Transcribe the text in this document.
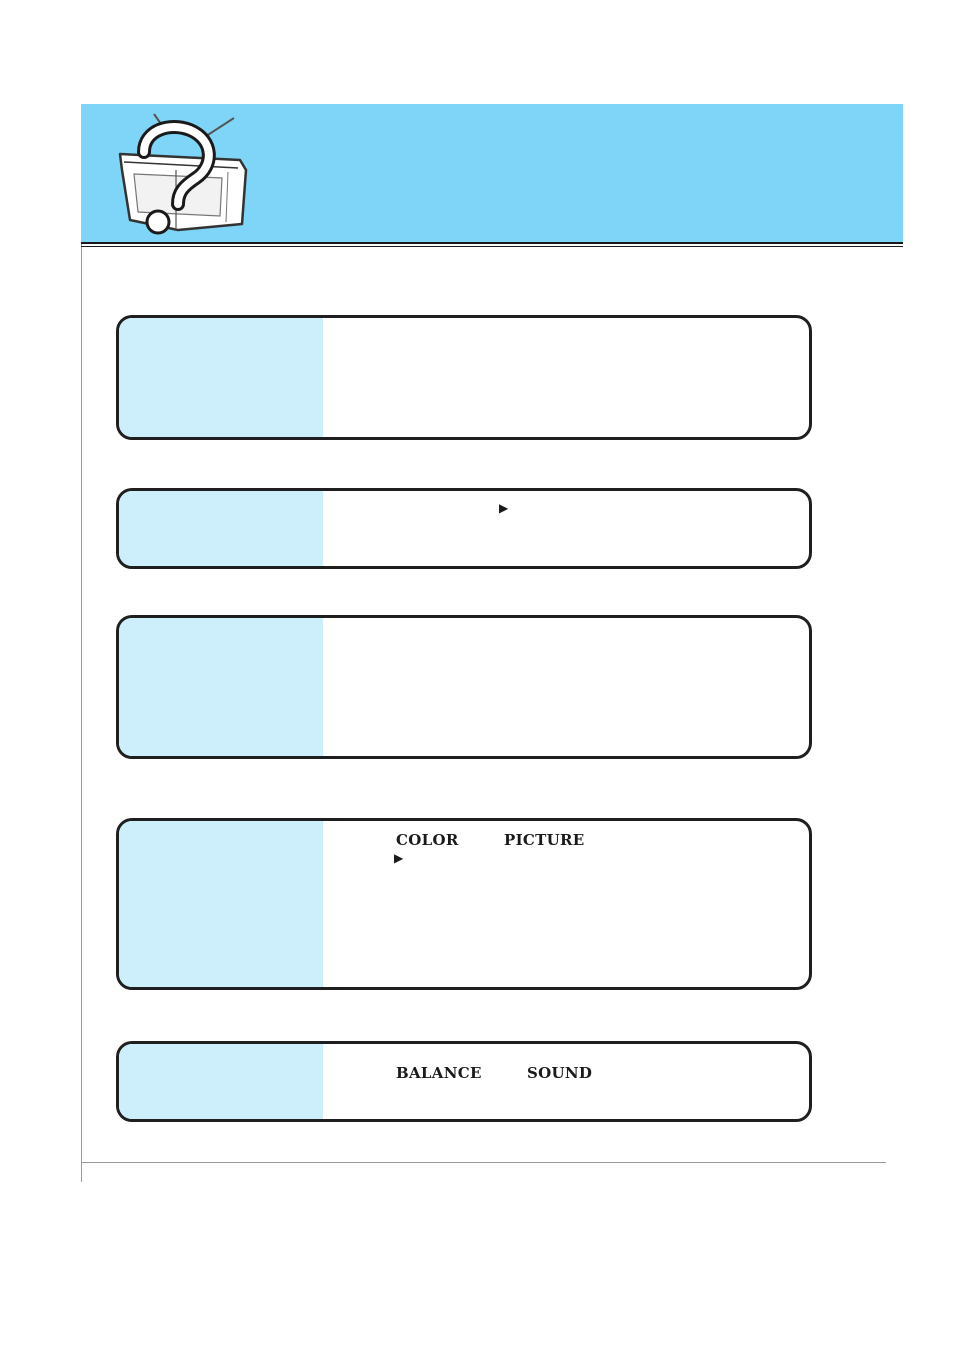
▶
COLOR	PICTURE
▶
BALANCE	SOUND
